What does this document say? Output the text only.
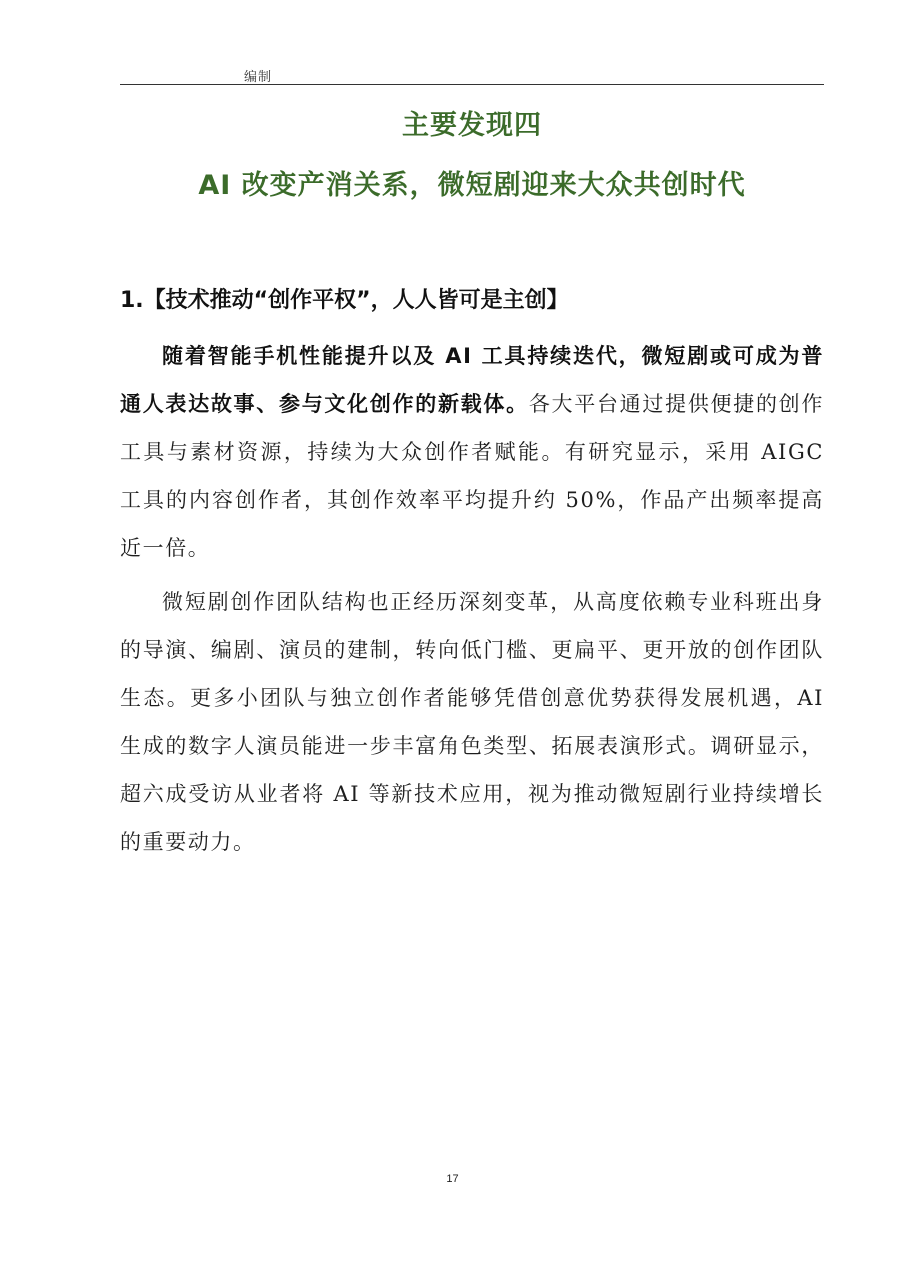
编制
主要发现四
AI 改变产消关系，微短剧迎来大众共创时代
1.【技术推动“创作平权”，人人皆可是主创】

随着智能手机性能提升以及 AI 工具持续迭代，微短剧或可成为普通人表达故事、参与文化创作的新载体。各大平台通过提供便捷的创作工具与素材资源，持续为大众创作者赋能。有研究显示，采用 AIGC 工具的内容创作者，其创作效率平均提升约 50%，作品产出频率提高近一倍。

微短剧创作团队结构也正经历深刻变革，从高度依赖专业科班出身的导演、编剧、演员的建制，转向低门槛、更扁平、更开放的创作团队生态。更多小团队与独立创作者能够凭借创意优势获得发展机遇，AI 生成的数字人演员能进一步丰富角色类型、拓展表演形式。调研显示，超六成受访从业者将 AI 等新技术应用，视为推动微短剧行业持续增长的重要动力。

17
